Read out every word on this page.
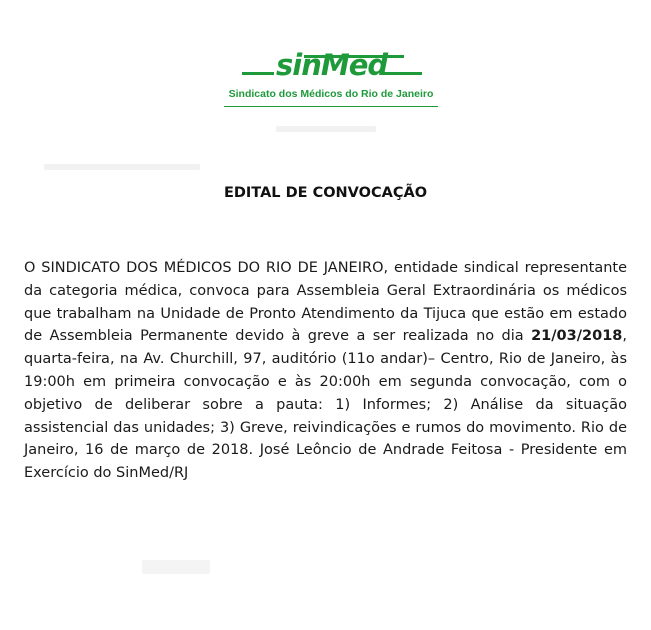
sinMed
Sindicato dos Médicos do Rio de Janeiro
EDITAL DE CONVOCAÇÃO
O SINDICATO DOS MÉDICOS DO RIO DE JANEIRO, entidade sindical representante da categoria médica, convoca para Assembleia Geral Extraordinária os médicos que trabalham na Unidade de Pronto Atendimento da Tijuca que estão em estado de Assembleia Permanente devido à greve a ser realizada no dia 21/03/2018, quarta-feira, na Av. Churchill, 97, auditório (11o andar)– Centro, Rio de Janeiro, às 19:00h em primeira convocação e às 20:00h em segunda convocação, com o objetivo de deliberar sobre a pauta: 1) Informes; 2) Análise da situação assistencial das unidades; 3) Greve, reivindicações e rumos do movimento. Rio de Janeiro, 16 de março de 2018. José Leôncio de Andrade Feitosa - Presidente em Exercício do SinMed/RJ
